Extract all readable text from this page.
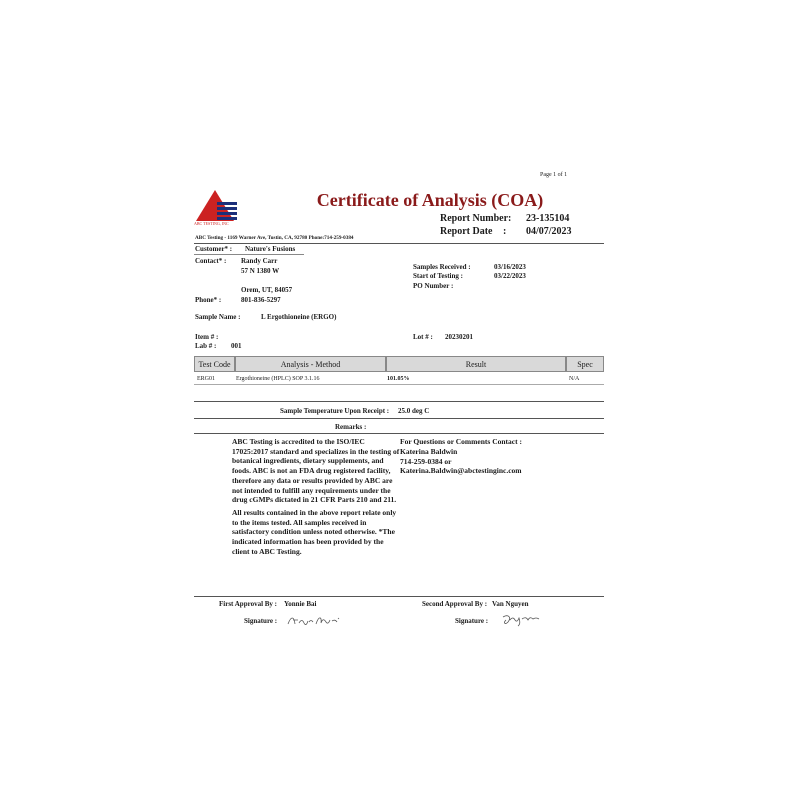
Page 1 of 1
ABC TESTING, INC
Certificate of Analysis (COA)
Report Number: 23-135104
Report Date : 04/07/2023
ABC Testing - 1169 Warner Ave, Tustin, CA, 92780 Phone:714-259-0384
Customer* : Nature's Fusions
Contact* : Randy Carr
57 N 1380 W
Orem, UT, 84057
Phone* :	801-836-5297
Samples Received :	03/16/2023
Start of Testing :	03/22/2023
PO Number :
Sample Name :	L Ergothioneine (ERGO)
Item # :	Lot # : 20230201
Lab # : 001
Test Code	Analysis - Method	Result	Spec
ERG01	Ergothioneine (HPLC) SOP 3.1.16	101.05%	N/A
Sample Temperature Upon Receipt : 25.0 deg C
Remarks :
ABC Testing is accredited to the ISO/IEC 17025:2017 standard and specializes in the testing of botanical ingredients, dietary supplements, and foods. ABC is not an FDA drug registered facility, therefore any data or results provided by ABC are not intended to fulfill any requirements under the drug cGMPs dictated in 21 CFR Parts 210 and 211.
All results contained in the above report relate only to the items tested. All samples received in satisfactory condition unless noted otherwise. *The indicated information has been provided by the client to ABC Testing.
For Questions or Comments Contact :
Katerina Baldwin
714-259-0384 or
Katerina.Baldwin@abctestinginc.com
First Approval By : Yonnie Bai	Second Approval By : Van Nguyen
Signature :	Signature :
